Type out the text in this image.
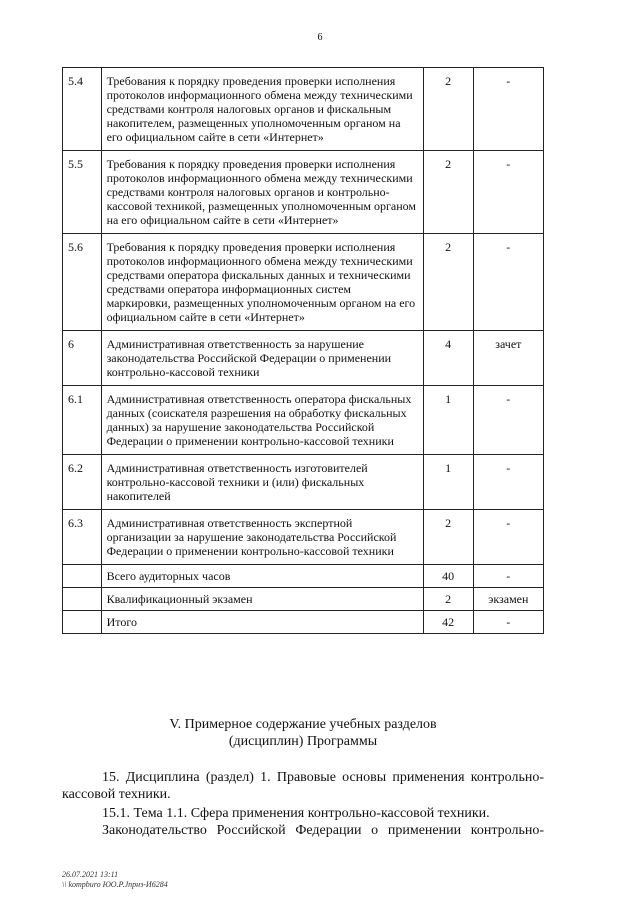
6
5.4	Требования к порядку проведения проверки исполнения протоколов информационного обмена между техническими средствами контроля налоговых органов и фискальным накопителем, размещенных уполномоченным органом на его официальном сайте в сети «Интернет»	2	-
5.5	Требования к порядку проведения проверки исполнения протоколов информационного обмена между техническими средствами контроля налоговых органов и контрольно-кассовой техникой, размещенных уполномоченным органом на его официальном сайте в сети «Интернет»	2	-
5.6	Требования к порядку проведения проверки исполнения протоколов информационного обмена между техническими средствами оператора фискальных данных и техническими средствами оператора информационных систем маркировки, размещенных уполномоченным органом на его официальном сайте в сети «Интернет»	2	-
6	Административная ответственность за нарушение законодательства Российской Федерации о применении контрольно-кассовой техники	4	зачет
6.1	Административная ответственность оператора фискальных данных (соискателя разрешения на обработку фискальных данных) за нарушение законодательства Российской Федерации о применении контрольно-кассовой техники	1	-
6.2	Административная ответственность изготовителей контрольно-кассовой техники и (или) фискальных накопителей	1	-
6.3	Административная ответственность экспертной организации за нарушение законодательства Российской Федерации о применении контрольно-кассовой техники	2	-
	Всего аудиторных часов	40	-
	Квалификационный экзамен	2	экзамен
	Итого	42	-
V. Примерное содержание учебных разделов
(дисциплин) Программы
15. Дисциплина (раздел) 1. Правовые основы применения контрольно-кассовой техники.
15.1. Тема 1.1. Сфера применения контрольно-кассовой техники.
Законодательство Российской Федерации о применении контрольно-
26.07.2021 13:11
\\ kompburo ЮО.Р.Јпрнз-И6284
